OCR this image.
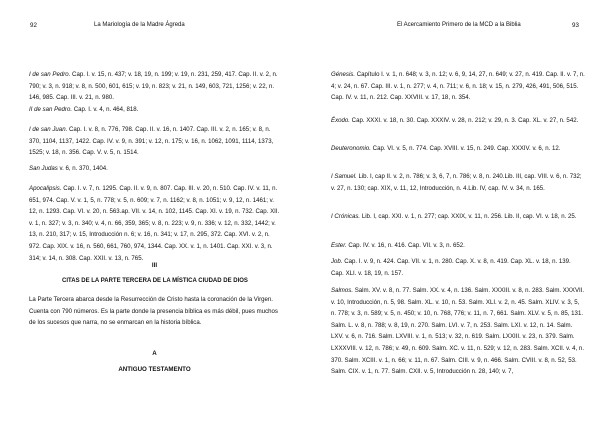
92	La Mariología de la Madre Ágreda

I de san Pedro. Cap. I. v. 15, n. 437; v. 18, 19, n. 199; v. 19, n. 231, 259, 417. Cap. II. v. 2, n. 790; v. 3, n. 918; v. 8, n. 500, 601, 615; v. 19, n. 823; v. 21, n. 149, 603, 721, 1256; v. 22, n. 146, 985. Cap. III. v. 21, n. 980.

II de san Pedro. Cap. I. v. 4, n. 464, 818.

I de san Juan. Cap. I. v. 8, n. 776, 798. Cap. II. v. 16, n. 1407. Cap. III. v. 2, n. 165; v. 8, n. 370, 1104, 1137, 1422. Cap. IV. v. 9, n. 391; v. 12, n. 175; v. 16, n. 1062, 1091, 1114, 1373, 1525; v. 18, n. 356. Cap. V. v. 5, n. 1514.

San Judas v. 6, n. 370, 1404.

Apocalipsis. Cap. I. v. 7, n. 1295. Cap. II. v. 9, n. 807. Cap. III. v. 20, n. 510. Cap. IV. v. 11, n. 651, 974. Cap. V. v. 1, 5, n. 778; v. 5, n. 609; v. 7, n. 1162; v. 8, n. 1051; v. 9, 12, n. 1461; v. 12, n. 1293. Cap. VI. v. 20, n. 563.ap. VII. v. 14, n. 102, 1145. Cap. XI. v. 19, n. 732. Cap. XII. v. 1, n. 327; v. 3, n. 340; v. 4, n. 66, 359, 365; v. 8, n. 223; v. 9, n. 336; v. 12, n. 332, 1442; v. 13, n. 210, 317; v. 15, Introducción n. 6; v. 16, n. 341; v. 17, n. 295, 372. Cap. XVI. v. 2, n. 972. Cap. XIX. v. 16, n. 560, 661, 760, 974, 1344. Cap. XX. v. 1, n. 1401. Cap. XXI. v. 3, n. 314; v. 14, n. 308. Cap. XXII. v. 13, n. 765.

III
CITAS DE LA PARTE TERCERA DE LA MÍSTICA CIUDAD DE DIOS

La Parte Tercera abarca desde la Resurrección de Cristo hasta la coronación de la Virgen. Cuenta con 790 números. Es la parte donde la presencia bíblica es más débil, pues muchos de los sucesos que narra, no se enmarcan en la historia bíblica.

A
ANTIGUO TESTAMENTO
El Acercamiento Primero de la MCD a la Biblia	93

Génesis. Capítulo I. v. 1, n. 648; v. 3, n. 12; v. 6, 9, 14, 27, n. 649; v. 27, n. 419. Cap. II. v. 7, n. 4; v. 24, n. 67. Cap. III. v. 1, n. 277; v. 4, n. 711; v. 6, n. 18; v. 15, n. 279, 426, 491, 506, 515. Cap. IV. v. 11, n. 212. Cap. XXVIII. v. 17, 18, n. 354.

Éxodo. Cap. XXXI. v. 18, n. 30. Cap. XXXIV. v. 28, n. 212; v. 29, n. 3. Cap. XL. v. 27, n. 542.

Deuteronomio. Cap. VI. v. 5, n. 774. Cap. XVIII. v. 15, n. 249. Cap. XXXIV. v. 6, n. 12.

I Samuel. Lib. I, cap II. v. 2, n. 786; v. 3, 6, 7, n. 786; v. 8, n. 240.Lib. III, cap. VIII. v. 6, n. 732; v. 27, n. 130; cap. XIX, v. 11, 12, Introducción, n. 4.Lib. IV, cap. IV. v. 34, n. 165.

I Crónicas. Lib. I, cap. XXI. v. 1, n. 277; cap. XXIX, v. 11, n. 256. Lib. II, cap. VI. v. 18, n. 25.

Ester. Cap. IV. v. 16, n. 416. Cap. VII. v. 3, n. 652.

Job. Cap. I. v. 9, n. 424. Cap. VII. v. 1, n. 280. Cap. X. v. 8, n. 419. Cap. XL. v. 18, n. 139. Cap. XLI. v. 18, 19, n. 157.

Salmos. Salm. XV. v. 8, n. 77. Salm. XX. v. 4, n. 136. Salm. XXXIII. v. 8, n. 283. Salm. XXXVII. v. 10, Introducción, n. 5, 98. Salm. XL. v. 10, n. 53. Salm. XLI. v. 2, n. 45. Salm. XLIV. v. 3, 5, n. 778; v. 3, n. 589; v. 5, n. 450; v. 10, n. 768, 776; v. 11, n. 7, 661. Salm. XLV. v. 5, n. 85, 131. Salm. L. v. 8, n. 788; v. 8, 19, n. 270. Salm. LVI. v. 7, n. 253. Salm. LXI. v. 12, n. 14. Salm. LXV. v. 6, n. 716. Salm. LXVIII. v. 1, n. 513; v. 32, n. 619. Salm. LXXIII. v. 23, n. 379. Salm. LXXXVIII. v. 12, n. 786; v. 49, n. 609. Salm. XC. v. 11, n. 529; v. 12, n. 283. Salm. XCII. v. 4, n. 370. Salm. XCIII. v. 1, n. 66; v. 11, n. 67. Salm. CIII. v. 9, n. 466. Salm. CVIII. v. 8, n. 52, 53. Salm. CIX. v. 1, n. 77. Salm. CXII. v. 5, Introducción n. 28, 140; v. 7,
